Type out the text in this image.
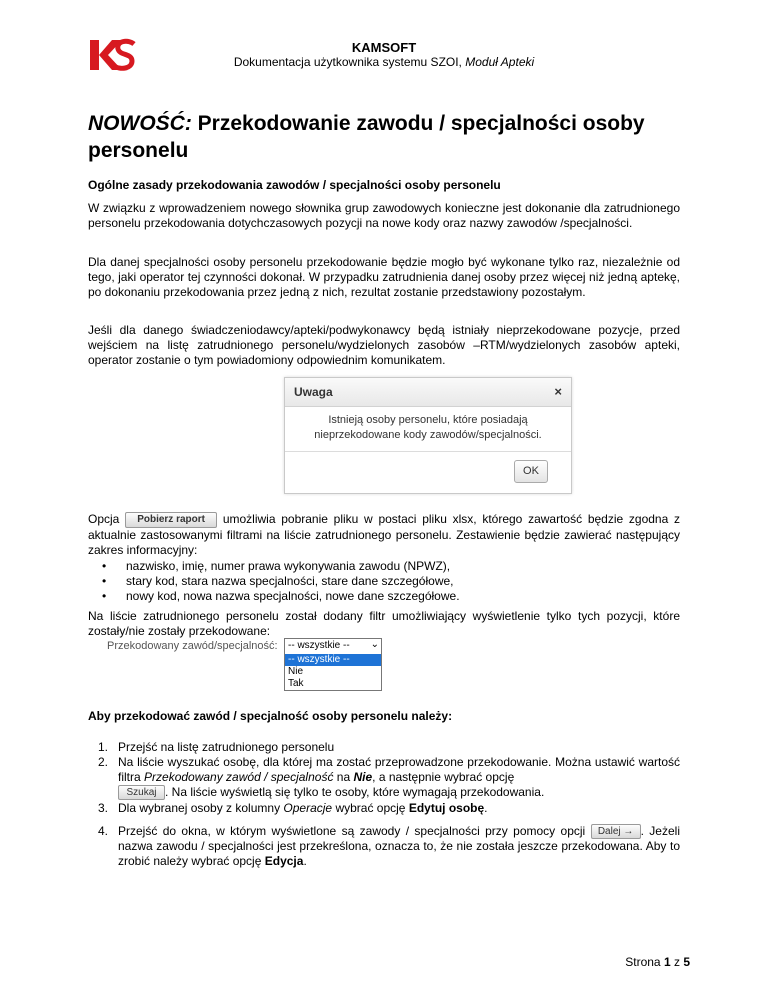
KAMSOFT
Dokumentacja użytkownika systemu SZOI, Moduł Apteki
NOWOŚĆ: Przekodowanie zawodu / specjalności osoby personelu
Ogólne zasady przekodowania zawodów / specjalności osoby personelu
W związku z wprowadzeniem nowego słownika grup zawodowych konieczne jest dokonanie dla zatrudnionego personelu przekodowania dotychczasowych pozycji na nowe kody oraz nazwy zawodów /specjalności.
Dla danej specjalności osoby personelu przekodowanie będzie mogło być wykonane tylko raz, niezależnie od tego, jaki operator tej czynności dokonał. W przypadku zatrudnienia danej osoby przez więcej niż jedną aptekę, po dokonaniu przekodowania przez jedną z nich, rezultat zostanie przedstawiony pozostałym.
Jeśli dla danego świadczeniodawcy/apteki/podwykonawcy będą istniały nieprzekodowane pozycje, przed wejściem na listę zatrudnionego personelu/wydzielonych zasobów –RTM/wydzielonych zasobów apteki, operator zostanie o tym powiadomiony odpowiednim komunikatem.
Uwaga	×
Istnieją osoby personelu, które posiadają nieprzekodowane kody zawodów/specjalności.
OK
Opcja Pobierz raport umożliwia pobranie pliku w postaci pliku xlsx, którego zawartość będzie zgodna z aktualnie zastosowanymi filtrami na liście zatrudnionego personelu. Zestawienie będzie zawierać następujący zakres informacyjny:
• nazwisko, imię, numer prawa wykonywania zawodu (NPWZ),
• stary kod, stara nazwa specjalności, stare dane szczegółowe,
• nowy kod, nowa nazwa specjalności, nowe dane szczegółowe.
Na liście zatrudnionego personelu został dodany filtr umożliwiający wyświetlenie tylko tych pozycji, które zostały/nie zostały przekodowane:
Przekodowany zawód/specjalność: -- wszystkie -- ⌄
-- wszystkie --
Nie
Tak
Aby przekodować zawód / specjalność osoby personelu należy:
1. Przejść na listę zatrudnionego personelu
2. Na liście wyszukać osobę, dla której ma zostać przeprowadzone przekodowanie. Można ustawić wartość filtra Przekodowany zawód / specjalność na Nie, a następnie wybrać opcję
Szukaj . Na liście wyświetlą się tylko te osoby, które wymagają przekodowania.
3. Dla wybranej osoby z kolumny Operacje wybrać opcję Edytuj osobę.
4. Przejść do okna, w którym wyświetlone są zawody / specjalności przy pomocy opcji Dalej → . Jeżeli nazwa zawodu / specjalności jest przekreślona, oznacza to, że nie została jeszcze przekodowana. Aby to zrobić należy wybrać opcję Edycja.
Strona 1 z 5
